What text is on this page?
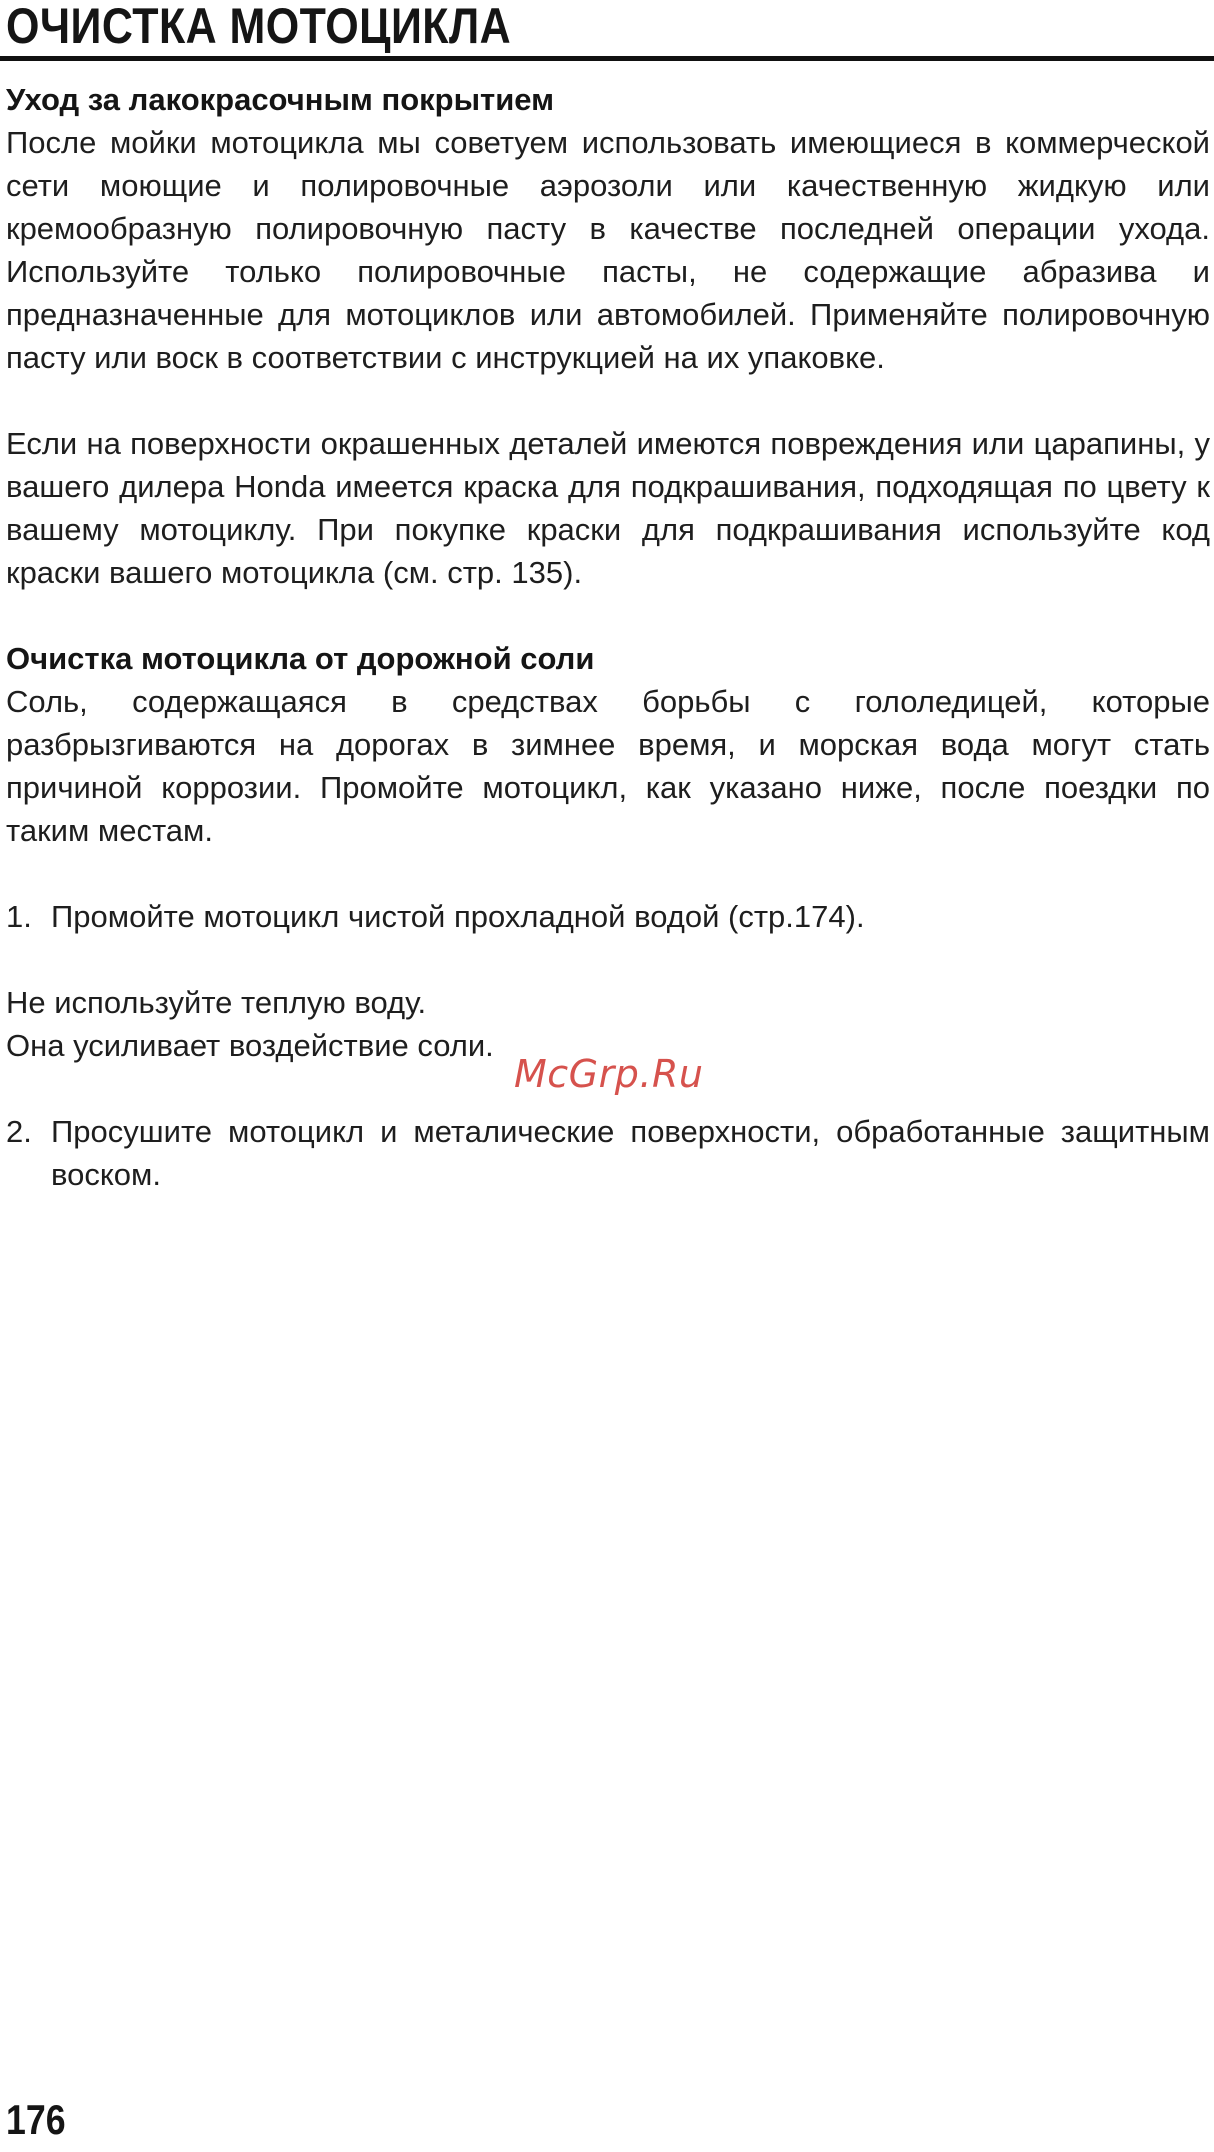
ОЧИСТКА МОТОЦИКЛА
Уход за лакокрасочным покрытием

После мойки мотоцикла мы советуем использовать имеющиеся в коммерческой сети моющие и полировочные аэрозоли или качественную жидкую или кремообразную полировочную пасту в качестве последней операции ухода. Используйте только полировочные пасты, не содержащие абразива и предназначенные для мотоциклов или автомобилей. Применяйте полировочную пасту или воск в соответствии с инструкцией на их упаковке.

Если на поверхности окрашенных деталей имеются повреждения или царапины, у вашего дилера Honda имеется краска для подкрашивания, подходящая по цвету к вашему мотоциклу. При покупке краски для подкрашивания используйте код краски вашего мотоцикла (см. стр. 135).

Очистка мотоцикла от дорожной соли

Соль, содержащаяся в средствах борьбы с гололедицей, которые разбрызгиваются на дорогах в зимнее время, и морская вода могут стать причиной коррозии. Промойте мотоцикл, как указано ниже, после поездки по таким местам.

1. Промойте мотоцикл чистой прохладной водой (стр.174).

Не используйте теплую воду.

Она усиливает воздействие соли.

2. Просушите мотоцикл и металические поверхности, обработанные защитным воском.
McGrp.Ru
176
